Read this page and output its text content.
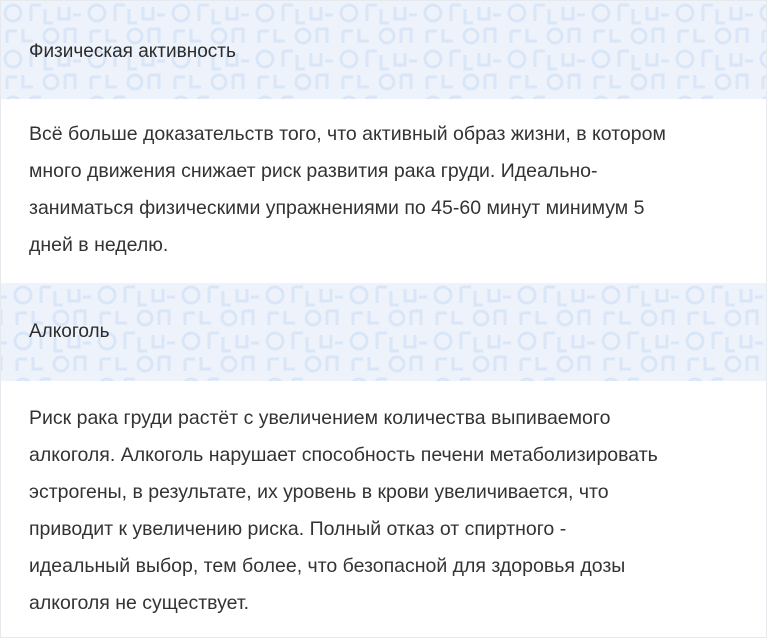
Физическая активность

Всё больше доказательств того, что активный образ жизни, в котором
много движения снижает риск развития рака груди. Идеально-
заниматься физическими упражнениями по 45-60 минут минимум 5
дней в неделю.

Алкоголь

Риск рака груди растёт с увеличением количества выпиваемого
алкоголя. Алкоголь нарушает способность печени метаболизировать
эстрогены, в результате, их уровень в крови увеличивается, что
приводит к увеличению риска. Полный отказ от спиртного -
идеальный выбор, тем более, что безопасной для здоровья дозы
алкоголя не существует.
